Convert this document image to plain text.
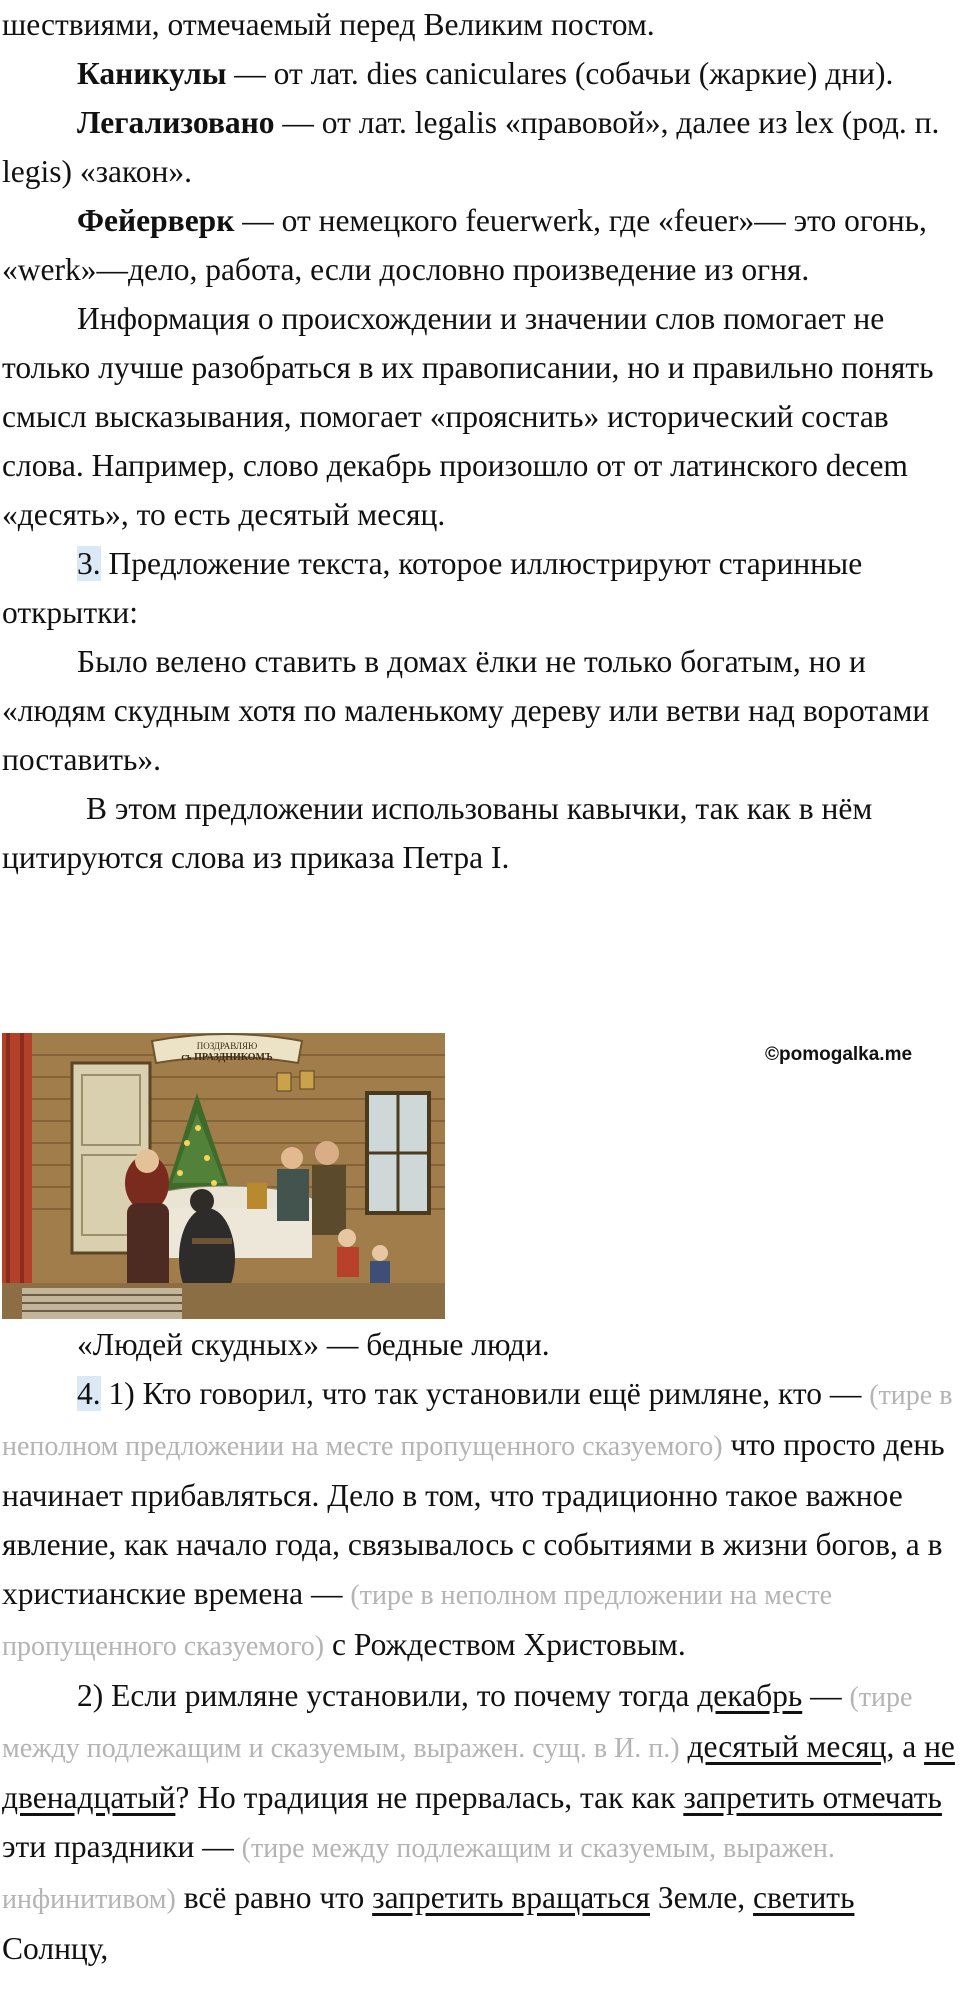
шествиями, отмечаемый перед Великим постом.

Каникулы — от лат. dies caniculares (собачьи (жаркие) дни).

Легализовано — от лат. legalis «правовой», далее из lex (род. п. legis) «закон».

Фейерверк — от немецкого feuerwerk, где «feuer»— это огонь, «werk»—дело, работа, если дословно произведение из огня.

Информация о происхождении и значении слов помогает не только лучше разобраться в их правописании, но и правильно понять смысл высказывания, помогает «прояснить» исторический состав слова. Например, слово декабрь произошло от от латинского decem «десять», то есть десятый месяц.

3. Предложение текста, которое иллюстрируют старинные открытки:

Было велено ставить в домах ёлки не только богатым, но и «людям скудным хотя по маленькому дереву или ветви над воротами поставить».

В этом предложении использованы кавычки, так как в нём цитируются слова из приказа Петра I.

ПОЗДРАВЛЯЮ
съ ПРАЗДНИКОМЪ	©pomogalka.me

«Людей скудных» — бедные люди.

4. 1) Кто говорил, что так установили ещё римляне, кто — (тире в неполном предложении на месте пропущенного сказуемого) что просто день начинает прибавляться. Дело в том, что традиционно такое важное явление, как начало года, связывалось с событиями в жизни богов, а в христианские времена — (тире в неполном предложении на месте пропущенного сказуемого) с Рождеством Христовым.

2) Если римляне установили, то почему тогда декабрь — (тире между подлежащим и сказуемым, выражен. сущ. в И. п.) десятый месяц, а не двенадцатый? Но традиция не прервалась, так как запретить отмечать эти праздники — (тире между подлежащим и сказуемым, выражен. инфинитивом) всё равно что запретить вращаться Земле, светить Солнцу,
